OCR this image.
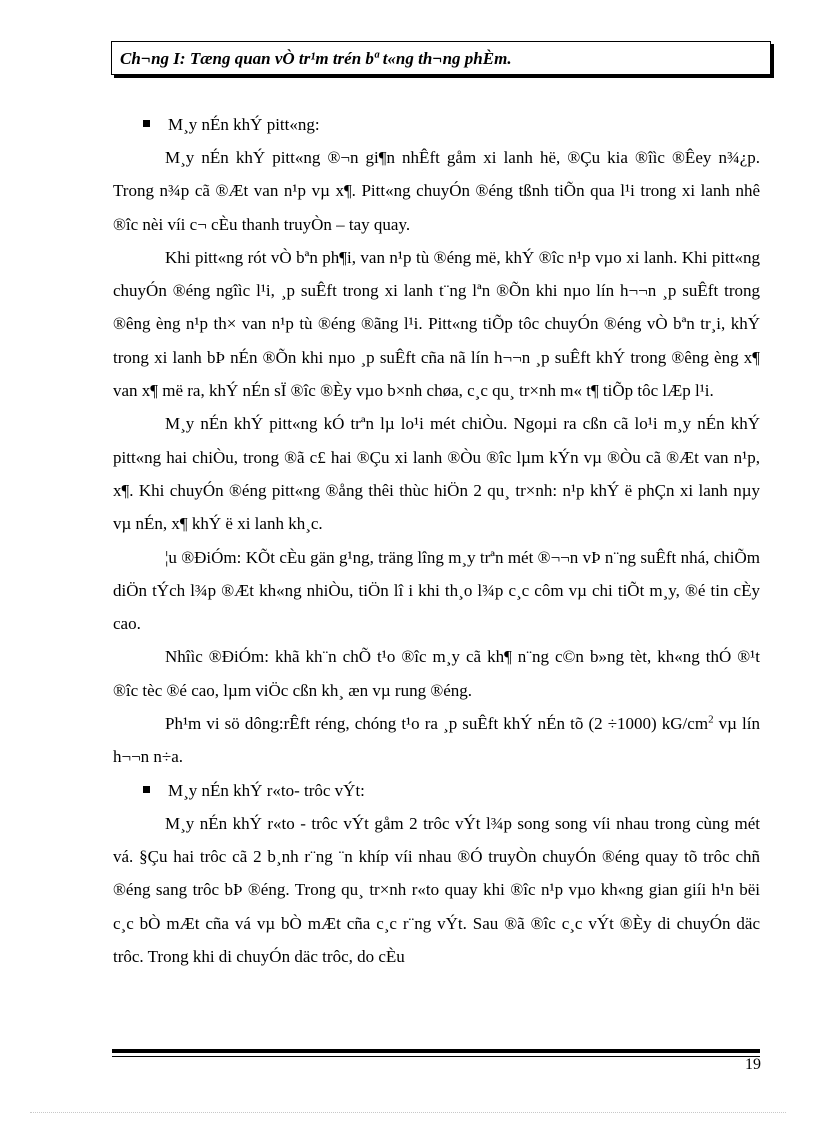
Ch¬ng I: Tæng quan vÒ tr¹m trén bª t«ng th¬ng phÈm.
M¸y nÉn khÝ pitt«ng:

M¸y nÉn khÝ pitt«ng ®¬n gi¶n nhÊft gåm xi lanh hë, ®Çu kia ®îìc ®Êey n¾¿p. Trong n¾p cã ®Æt van n¹p vµ x¶. Pitt«ng chuyÓn ®éng tßnh tiÕn qua l¹i trong xi lanh nhê ®îc nèi víi c¬ cÈu thanh truyÒn – tay quay.

Khi pitt«ng rót vÒ bªn ph¶i, van n¹p tù ®éng më, khÝ ®îc n¹p vµo xi lanh. Khi pitt«ng chuyÓn ®éng ngîìc l¹i, ¸p suÊft trong xi lanh t¨ng lªn ®Õn khi nµo lín h¬¬n ¸p suÊft trong ®êng èng n¹p th× van n¹p tù ®éng ®ãng l¹i. Pitt«ng tiÕp tôc chuyÓn ®éng vÒ bªn tr¸i, khÝ trong xi lanh bÞ nÉn ®Õn khi nµo ¸p suÊft cña nã lín h¬¬n ¸p suÊft khÝ trong ®êng èng x¶ van x¶ më ra, khÝ nÉn sÏ ®îc ®Èy vµo b×nh chøa, c¸c qu¸ tr×nh m« t¶ tiÕp tôc lÆp l¹i.

M¸y nÉn khÝ pitt«ng kÓ trªn lµ lo¹i mét chiÒu. Ngoµi ra cßn cã lo¹i m¸y nÉn khÝ pitt«ng hai chiÒu, trong ®ã c£ hai ®Çu xi lanh ®Òu ®îc lµm kÝn vµ ®Òu cã ®Æt van n¹p, x¶. Khi chuyÓn ®éng pitt«ng ®ång thêi thùc hiÖn 2 qu¸ tr×nh: n¹p khÝ ë phÇn xi lanh nµy vµ nÉn, x¶ khÝ ë xi lanh kh¸c.

¦u ®ÐiÓm: KÕt cÈu gän g¹ng, träng lîng m¸y trªn mét ®¬¬n vÞ n¨ng suÊft nhá, chiÕm diÖn tÝch l¾p ®Æt kh«ng nhiÒu, tiÖn lî i khi th¸o l¾p c¸c côm vµ chi tiÕt m¸y, ®é tin cÈy cao.

Nhîìc ®ÐiÓm: khã kh¨n chÕ t¹o ®îc m¸y cã kh¶ n¨ng c©n b»ng tèt, kh«ng thÓ ®¹t ®îc tèc ®é cao, lµm viÖc cßn kh¸ æn vµ rung ®éng.

Ph¹m vi sö dông:rÊft réng, chóng t¹o ra ¸p suÊft khÝ nÉn tõ (2 ÷1000) $kG/cm^2$ vµ lín h¬¬n n÷a.

M¸y nÉn khÝ r«to- trôc vÝt:

M¸y nÉn khÝ r«to - trôc vÝt gåm 2 trôc vÝt l¾p song song víi nhau trong cùng mét vá. §Çu hai trôc cã 2 b¸nh r¨ng ¨n khíp víi nhau ®Ó truyÒn chuyÓn ®éng quay tõ trôc chñ ®éng sang trôc bÞ ®éng. Trong qu¸ tr×nh r«to quay khi ®îc n¹p vµo kh«ng gian giíi h¹n bëi c¸c bÒ mÆt cña vá vµ bÒ mÆt cña c¸c r¨ng vÝt. Sau ®ã ®îc c¸c vÝt ®Èy di chuyÓn däc trôc. Trong khi di chuyÓn däc trôc, do cÈu

19
